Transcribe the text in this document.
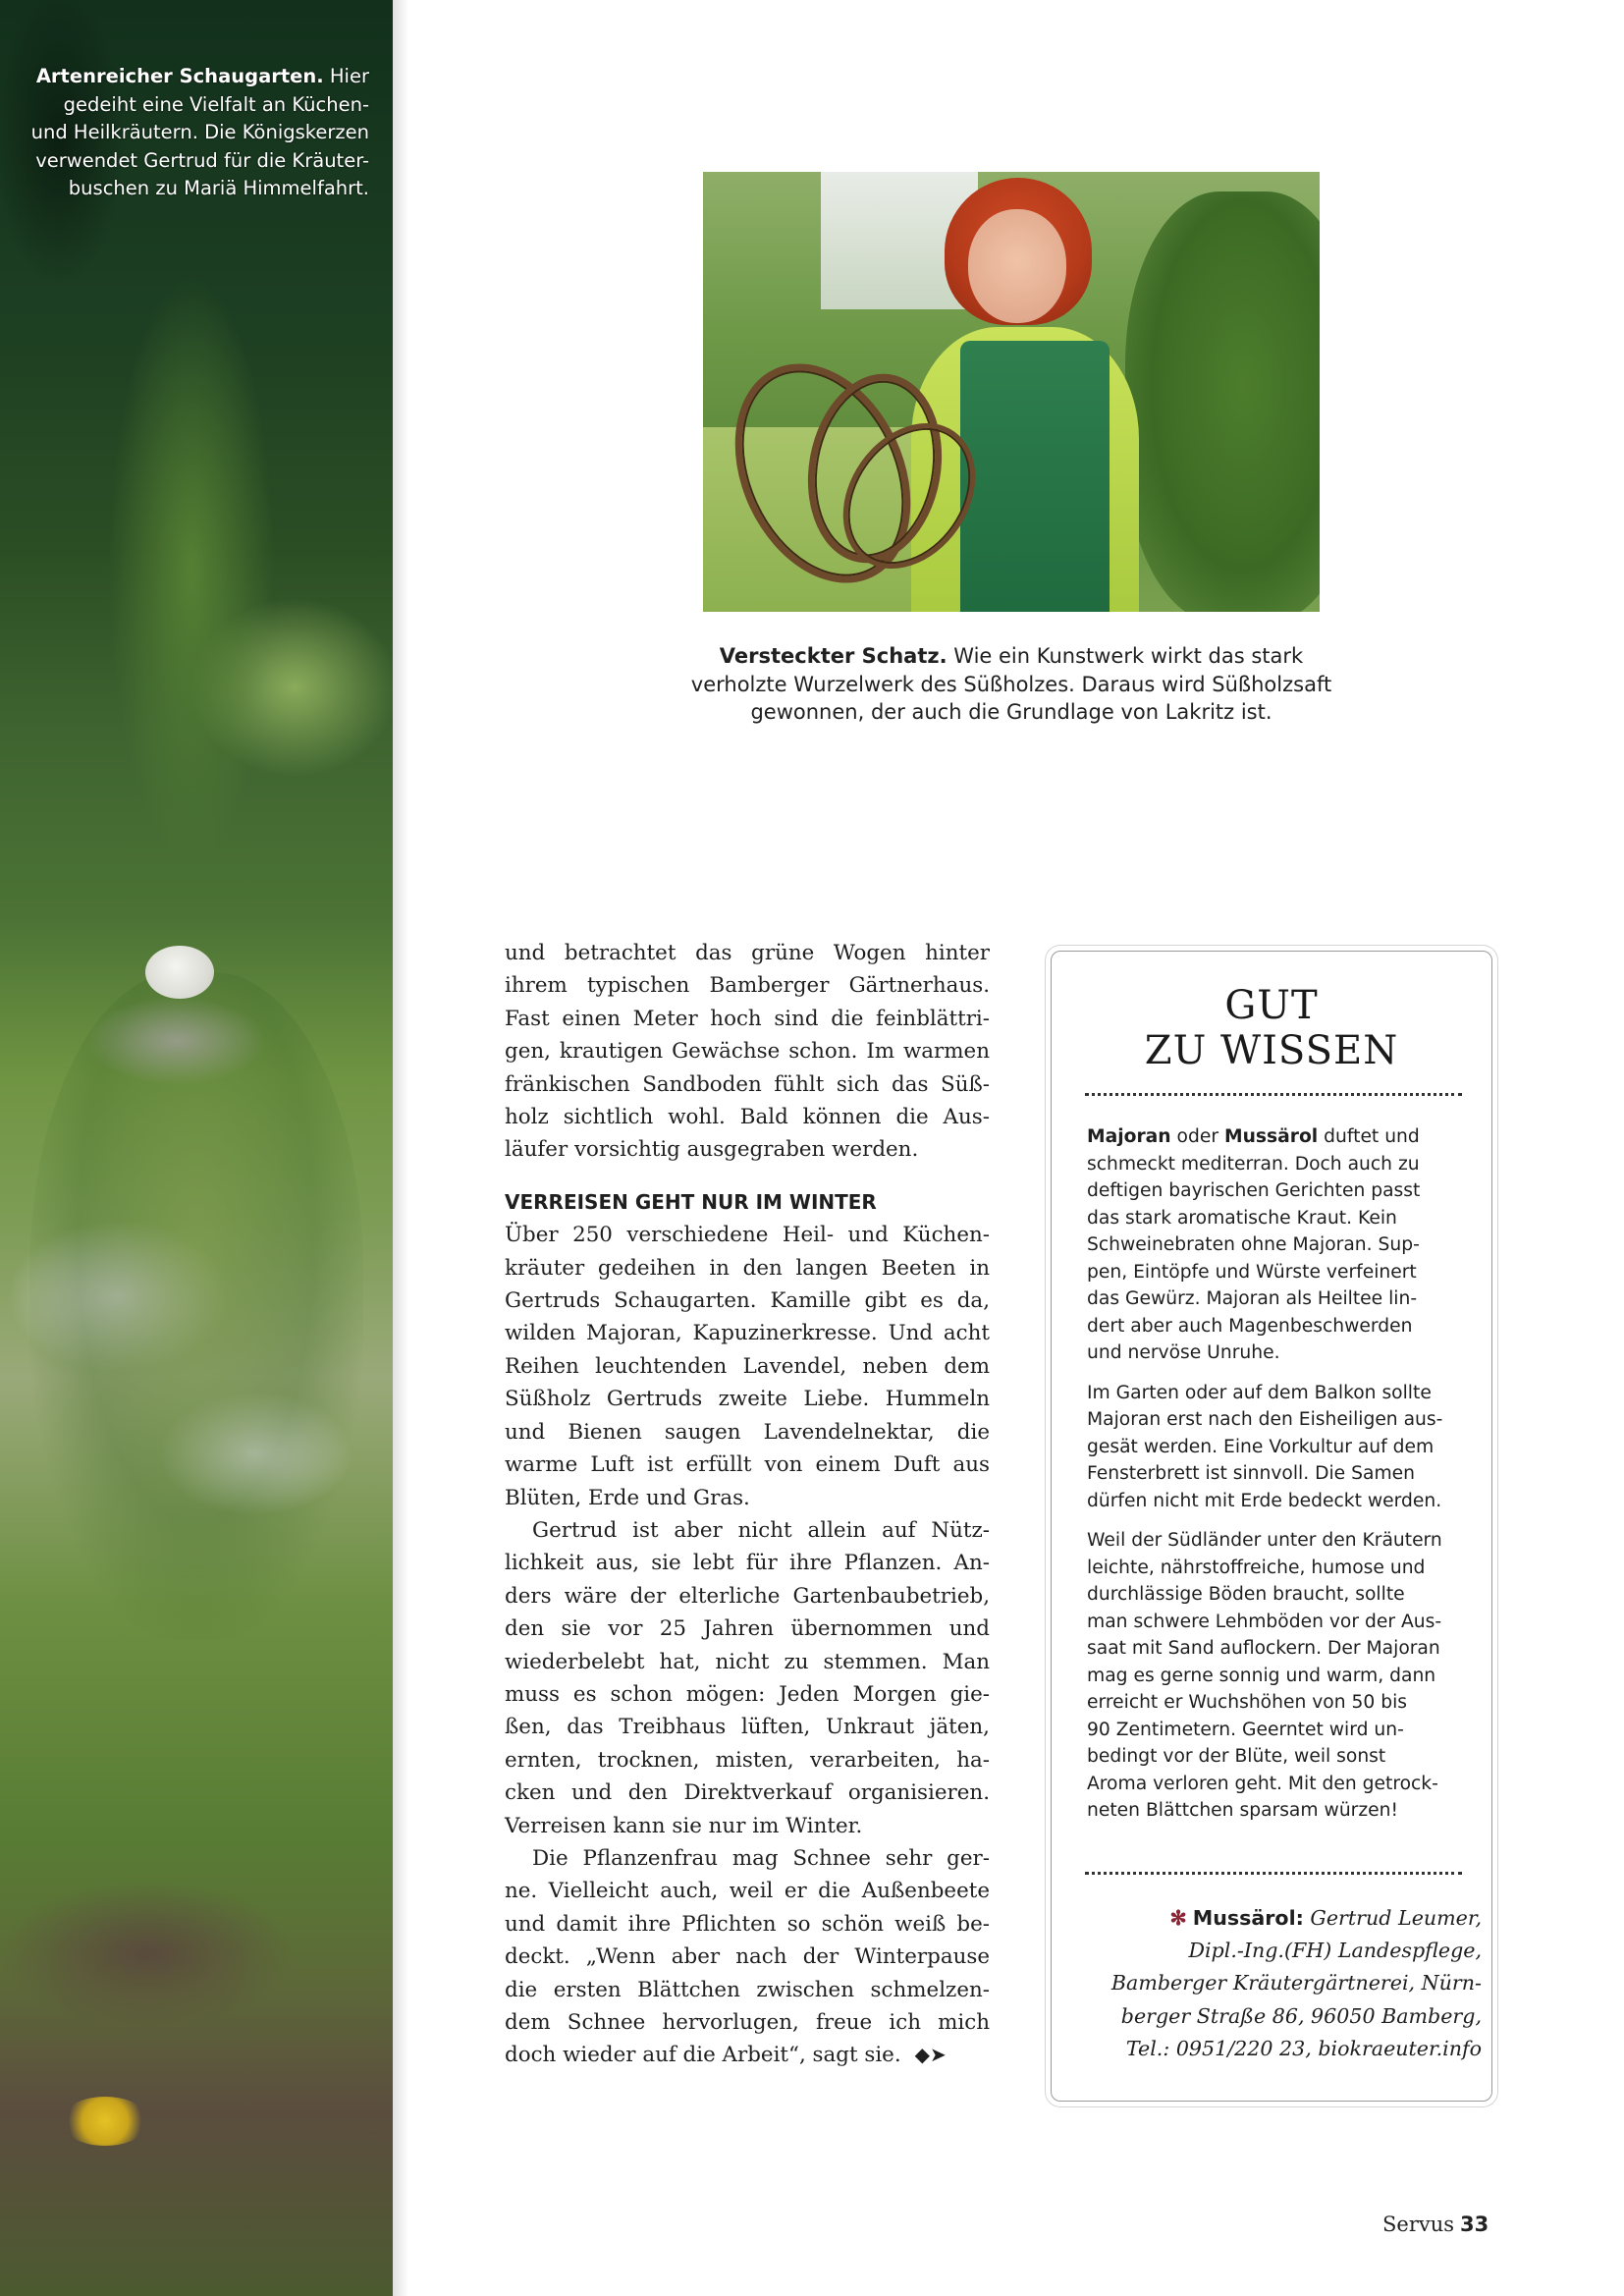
Artenreicher Schaugarten. Hier
gedeiht eine Vielfalt an Küchen-
und Heilkräutern. Die Königskerzen
verwendet Gertrud für die Kräuter-
buschen zu Mariä Himmelfahrt.
Versteckter Schatz. Wie ein Kunstwerk wirkt das stark
verholzte Wurzelwerk des Süßholzes. Daraus wird Süßholzsaft
gewonnen, der auch die Grundlage von Lakritz ist.
und betrachtet das grüne Wogen hinter
ihrem typischen Bamberger Gärtnerhaus.
Fast einen Meter hoch sind die feinblättri-
gen, krautigen Gewächse schon. Im warmen
fränkischen Sandboden fühlt sich das Süß-
holz sichtlich wohl. Bald können die Aus-
läufer vorsichtig ausgegraben werden.
VERREISEN GEHT NUR IM WINTER
Über 250 verschiedene Heil- und Küchen-
kräuter gedeihen in den langen Beeten in
Gertruds Schaugarten. Kamille gibt es da,
wilden Majoran, Kapuzinerkresse. Und acht
Reihen leuchtenden Lavendel, neben dem
Süßholz Gertruds zweite Liebe. Hummeln
und Bienen saugen Lavendelnektar, die
warme Luft ist erfüllt von einem Duft aus
Blüten, Erde und Gras.
Gertrud ist aber nicht allein auf Nütz-
lichkeit aus, sie lebt für ihre Pflanzen. An-
ders wäre der elterliche Gartenbaubetrieb,
den sie vor 25 Jahren übernommen und
wiederbelebt hat, nicht zu stemmen. Man
muss es schon mögen: Jeden Morgen gie-
ßen, das Treibhaus lüften, Unkraut jäten,
ernten, trocknen, misten, verarbeiten, ha-
cken und den Direktverkauf organisieren.
Verreisen kann sie nur im Winter.
Die Pflanzenfrau mag Schnee sehr ger-
ne. Vielleicht auch, weil er die Außenbeete
und damit ihre Pflichten so schön weiß be-
deckt. „Wenn aber nach der Winterpause
die ersten Blättchen zwischen schmelzen-
dem Schnee hervorlugen, freue ich mich
doch wieder auf die Arbeit“, sagt sie. ◆➤
GUT
ZU WISSEN
Majoran oder Mussärol duftet und
schmeckt mediterran. Doch auch zu
deftigen bayrischen Gerichten passt
das stark aromatische Kraut. Kein
Schweinebraten ohne Majoran. Sup-
pen, Eintöpfe und Würste verfeinert
das Gewürz. Majoran als Heiltee lin-
dert aber auch Magenbeschwerden
und nervöse Unruhe.
Im Garten oder auf dem Balkon sollte
Majoran erst nach den Eisheiligen aus-
gesät werden. Eine Vorkultur auf dem
Fensterbrett ist sinnvoll. Die Samen
dürfen nicht mit Erde bedeckt werden.
Weil der Südländer unter den Kräutern
leichte, nährstoffreiche, humose und
durchlässige Böden braucht, sollte
man schwere Lehmböden vor der Aus-
saat mit Sand auflockern. Der Majoran
mag es gerne sonnig und warm, dann
erreicht er Wuchshöhen von 50 bis
90 Zentimetern. Geerntet wird un-
bedingt vor der Blüte, weil sonst
Aroma verloren geht. Mit den getrock-
neten Blättchen sparsam würzen!
✻ Mussärol: Gertrud Leumer,
Dipl.-Ing.(FH) Landespflege,
Bamberger Kräutergärtnerei, Nürn-
berger Straße 86, 96050 Bamberg,
Tel.: 0951/220 23, biokraeuter.info
Servus 33
